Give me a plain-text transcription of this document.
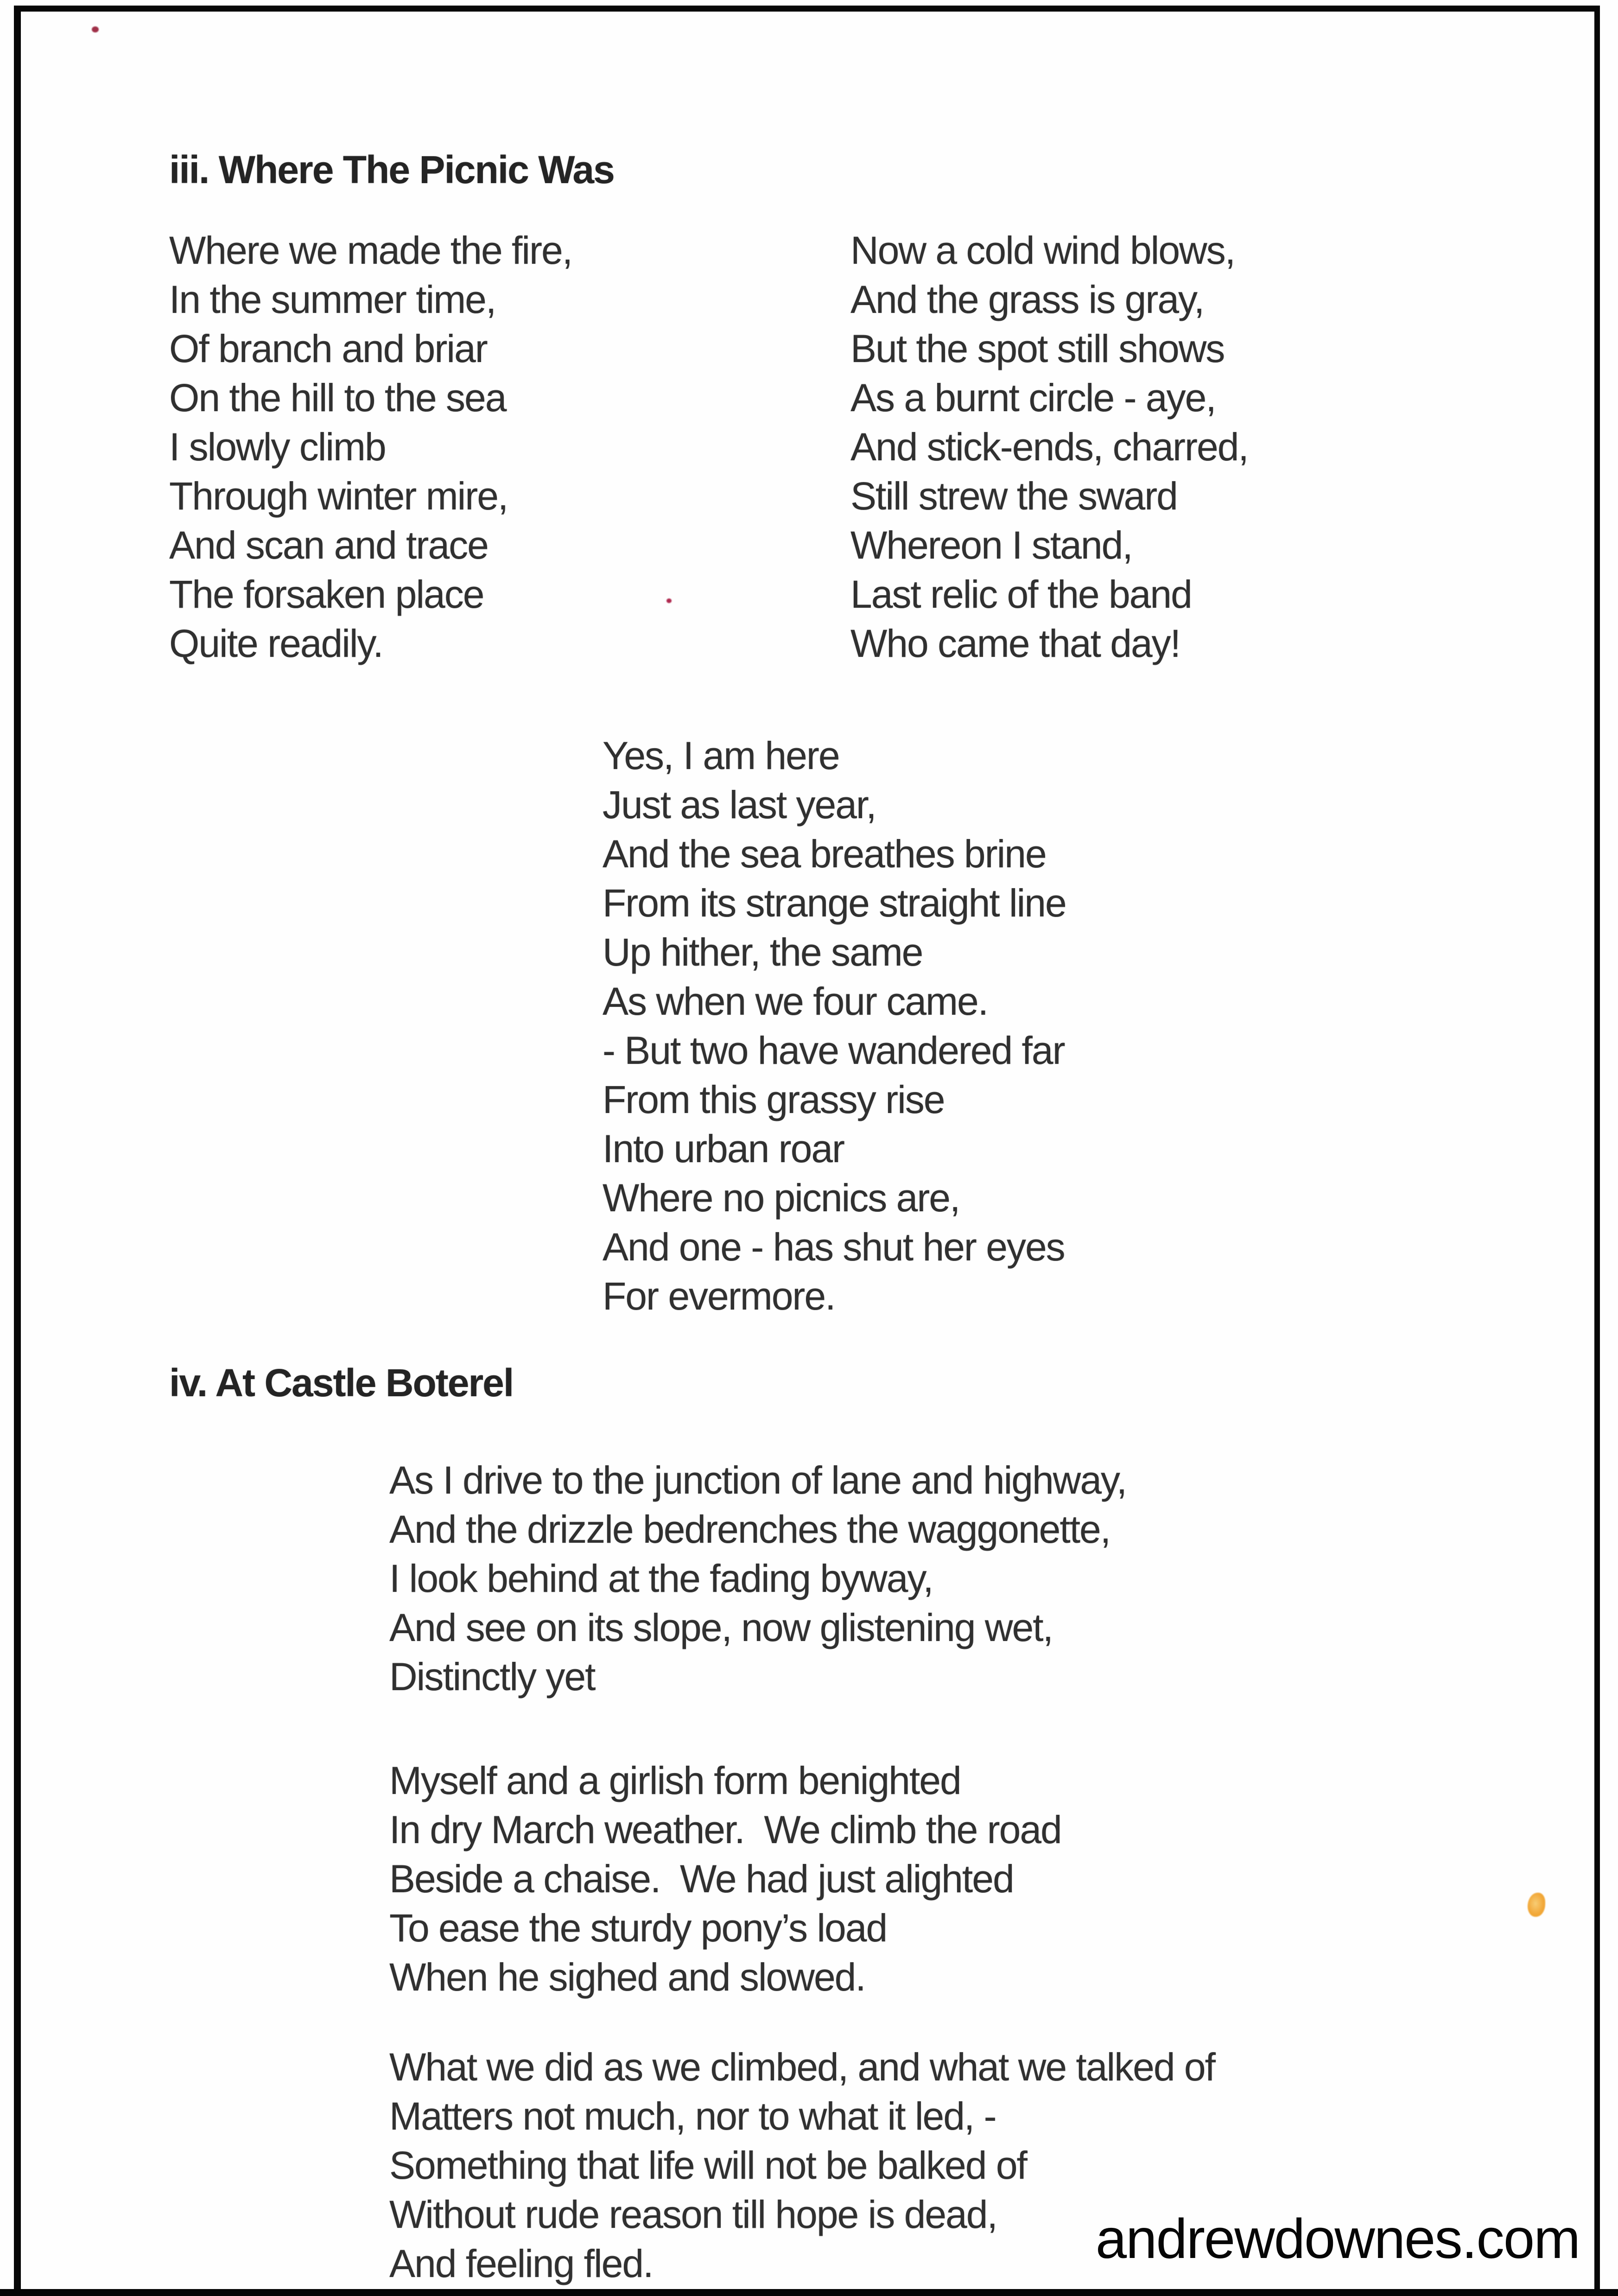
iii. Where The Picnic Was
Where we made the fire,
In the summer time,
Of branch and briar
On the hill to the sea
I slowly climb
Through winter mire,
And scan and trace
The forsaken place
Quite readily.
Now a cold wind blows,
And the grass is gray,
But the spot still shows
As a burnt circle - aye,
And stick-ends, charred,
Still strew the sward
Whereon I stand,
Last relic of the band
Who came that day!
Yes, I am here
Just as last year,
And the sea breathes brine
From its strange straight line
Up hither, the same
As when we four came.
- But two have wandered far
From this grassy rise
Into urban roar
Where no picnics are,
And one - has shut her eyes
For evermore.
iv. At Castle Boterel
As I drive to the junction of lane and highway,
And the drizzle bedrenches the waggonette,
I look behind at the fading byway,
And see on its slope, now glistening wet,
Distinctly yet
Myself and a girlish form benighted
In dry March weather.  We climb the road
Beside a chaise.  We had just alighted
To ease the sturdy pony’s load
When he sighed and slowed.
What we did as we climbed, and what we talked of
Matters not much, nor to what it led, -
Something that life will not be balked of
Without rude reason till hope is dead,
And feeling fled.	andrewdownes.com
